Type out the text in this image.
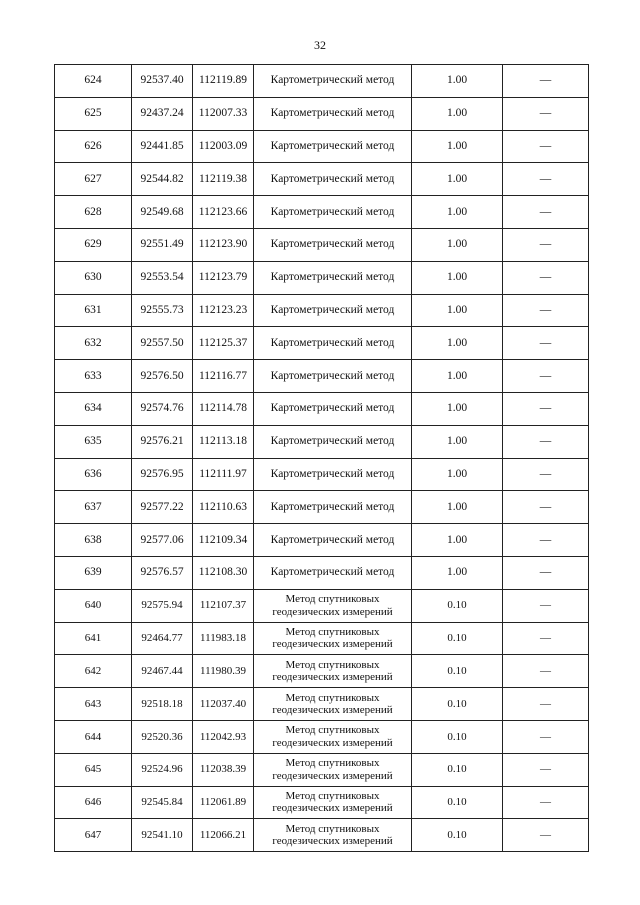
32
624	92537.40	112119.89	Картометрический метод	1.00	—
625	92437.24	112007.33	Картометрический метод	1.00	—
626	92441.85	112003.09	Картометрический метод	1.00	—
627	92544.82	112119.38	Картометрический метод	1.00	—
628	92549.68	112123.66	Картометрический метод	1.00	—
629	92551.49	112123.90	Картометрический метод	1.00	—
630	92553.54	112123.79	Картометрический метод	1.00	—
631	92555.73	112123.23	Картометрический метод	1.00	—
632	92557.50	112125.37	Картометрический метод	1.00	—
633	92576.50	112116.77	Картометрический метод	1.00	—
634	92574.76	112114.78	Картометрический метод	1.00	—
635	92576.21	112113.18	Картометрический метод	1.00	—
636	92576.95	112111.97	Картометрический метод	1.00	—
637	92577.22	112110.63	Картометрический метод	1.00	—
638	92577.06	112109.34	Картометрический метод	1.00	—
639	92576.57	112108.30	Картометрический метод	1.00	—
640	92575.94	112107.37	Метод спутниковых
геодезических измерений	0.10	—
641	92464.77	111983.18	Метод спутниковых
геодезических измерений	0.10	—
642	92467.44	111980.39	Метод спутниковых
геодезических измерений	0.10	—
643	92518.18	112037.40	Метод спутниковых
геодезических измерений	0.10	—
644	92520.36	112042.93	Метод спутниковых
геодезических измерений	0.10	—
645	92524.96	112038.39	Метод спутниковых
геодезических измерений	0.10	—
646	92545.84	112061.89	Метод спутниковых
геодезических измерений	0.10	—
647	92541.10	112066.21	Метод спутниковых
геодезических измерений	0.10	—
